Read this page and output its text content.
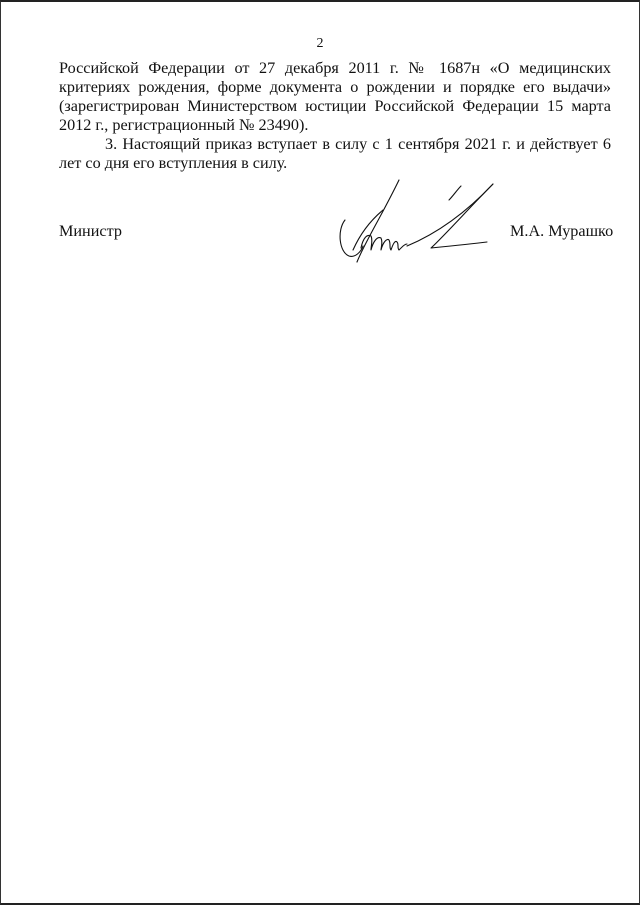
2

Российской Федерации от 27 декабря 2011 г. № 1687н «О медицинских критериях рождения, форме документа о рождении и порядке его выдачи» (зарегистрирован Министерством юстиции Российской Федерации 15 марта 2012 г., регистрационный № 23490).

3. Настоящий приказ вступает в силу с 1 сентября 2021 г. и действует 6 лет со дня его вступления в силу.

Министр	М.А. Мурашко
